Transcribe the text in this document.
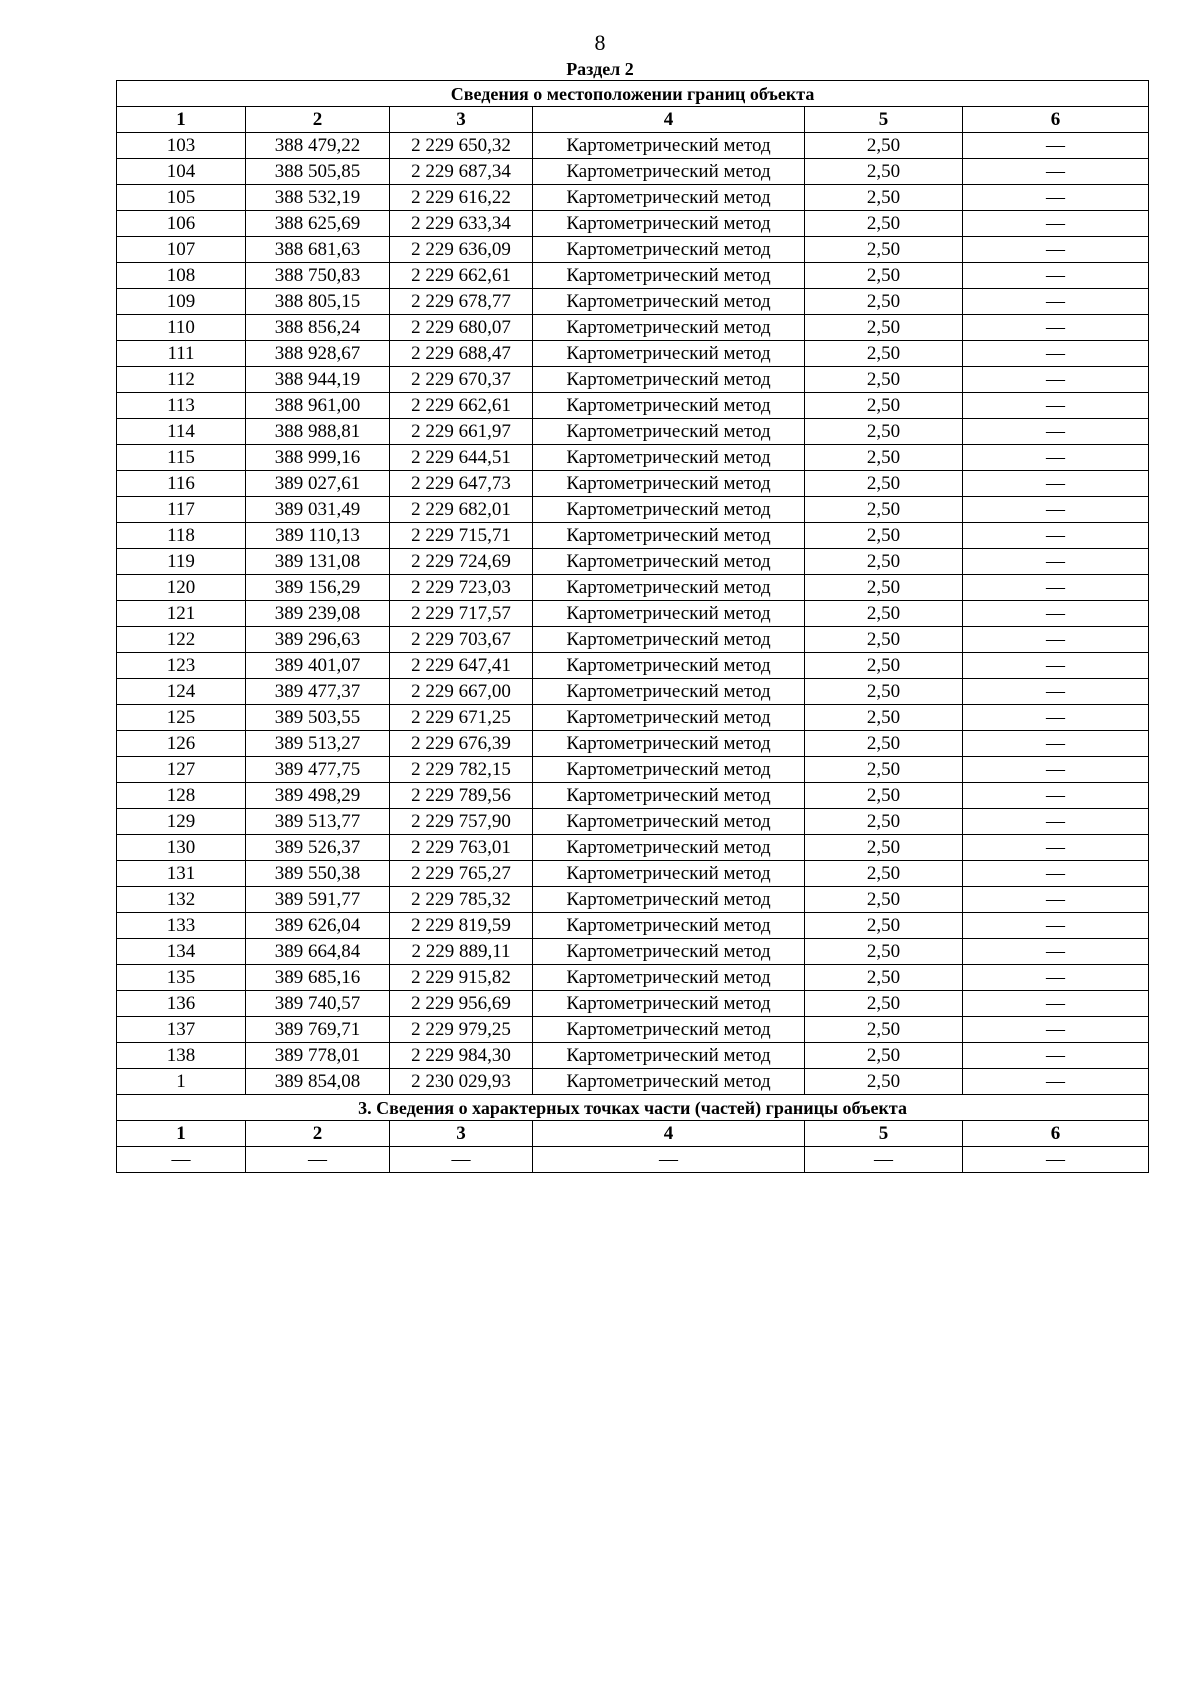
8
Раздел 2
Сведения о местоположении границ объекта					
1	2	3	4	5	6
103	388 479,22	2 229 650,32	Картометрический метод	2,50	—
104	388 505,85	2 229 687,34	Картометрический метод	2,50	—
105	388 532,19	2 229 616,22	Картометрический метод	2,50	—
106	388 625,69	2 229 633,34	Картометрический метод	2,50	—
107	388 681,63	2 229 636,09	Картометрический метод	2,50	—
108	388 750,83	2 229 662,61	Картометрический метод	2,50	—
109	388 805,15	2 229 678,77	Картометрический метод	2,50	—
110	388 856,24	2 229 680,07	Картометрический метод	2,50	—
111	388 928,67	2 229 688,47	Картометрический метод	2,50	—
112	388 944,19	2 229 670,37	Картометрический метод	2,50	—
113	388 961,00	2 229 662,61	Картометрический метод	2,50	—
114	388 988,81	2 229 661,97	Картометрический метод	2,50	—
115	388 999,16	2 229 644,51	Картометрический метод	2,50	—
116	389 027,61	2 229 647,73	Картометрический метод	2,50	—
117	389 031,49	2 229 682,01	Картометрический метод	2,50	—
118	389 110,13	2 229 715,71	Картометрический метод	2,50	—
119	389 131,08	2 229 724,69	Картометрический метод	2,50	—
120	389 156,29	2 229 723,03	Картометрический метод	2,50	—
121	389 239,08	2 229 717,57	Картометрический метод	2,50	—
122	389 296,63	2 229 703,67	Картометрический метод	2,50	—
123	389 401,07	2 229 647,41	Картометрический метод	2,50	—
124	389 477,37	2 229 667,00	Картометрический метод	2,50	—
125	389 503,55	2 229 671,25	Картометрический метод	2,50	—
126	389 513,27	2 229 676,39	Картометрический метод	2,50	—
127	389 477,75	2 229 782,15	Картометрический метод	2,50	—
128	389 498,29	2 229 789,56	Картометрический метод	2,50	—
129	389 513,77	2 229 757,90	Картометрический метод	2,50	—
130	389 526,37	2 229 763,01	Картометрический метод	2,50	—
131	389 550,38	2 229 765,27	Картометрический метод	2,50	—
132	389 591,77	2 229 785,32	Картометрический метод	2,50	—
133	389 626,04	2 229 819,59	Картометрический метод	2,50	—
134	389 664,84	2 229 889,11	Картометрический метод	2,50	—
135	389 685,16	2 229 915,82	Картометрический метод	2,50	—
136	389 740,57	2 229 956,69	Картометрический метод	2,50	—
137	389 769,71	2 229 979,25	Картометрический метод	2,50	—
138	389 778,01	2 229 984,30	Картометрический метод	2,50	—
1	389 854,08	2 230 029,93	Картометрический метод	2,50	—
3. Сведения о характерных точках части (частей) границы объекта					
1	2	3	4	5	6
—	—	—	—	—	—
